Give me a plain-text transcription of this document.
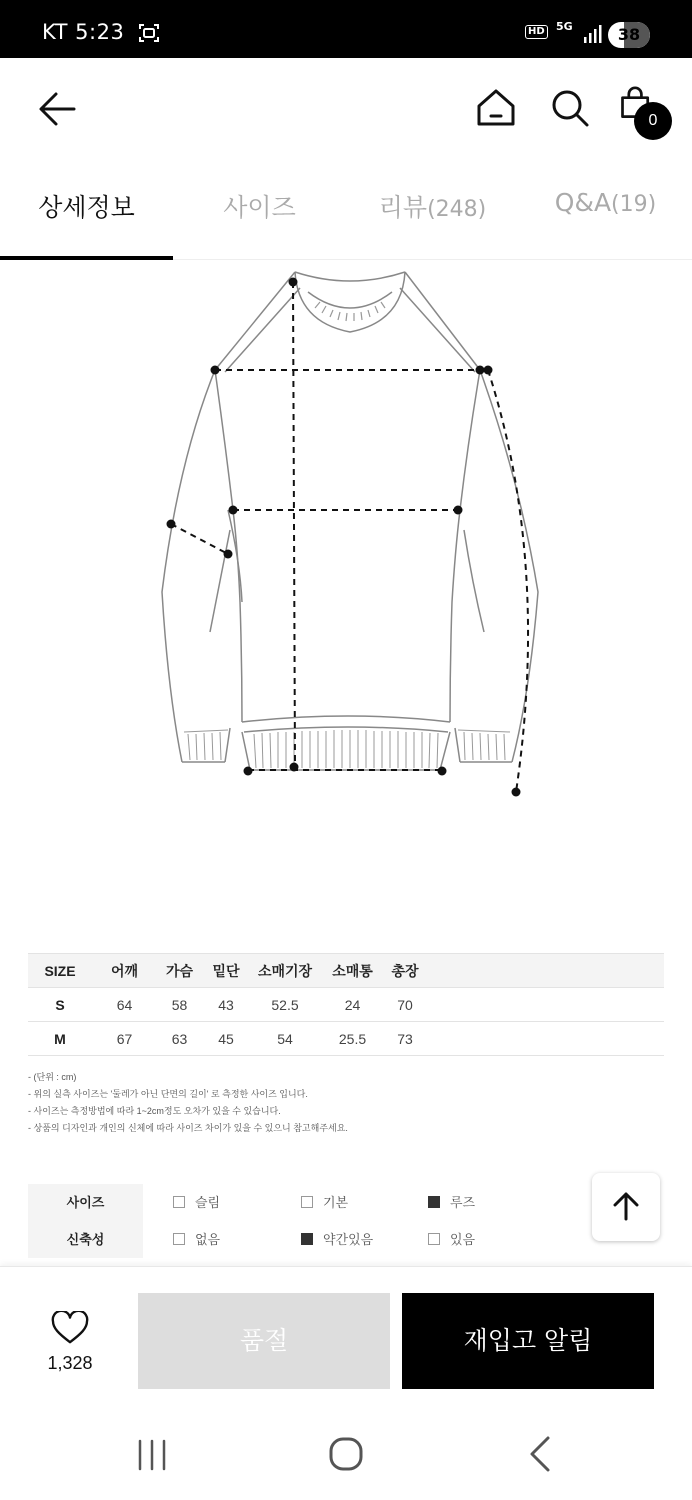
KT 5:23	HD 5G	38
0
상세정보	사이즈	리뷰(248)	Q&A(19)
SIZE	어깨	가슴	밑단	소매기장	소매통	총장	
S	64	58	43	52.5	24	70	
M	67	63	45	54	25.5	73	
- (단위 : cm)
- 위의 실측 사이즈는 '둘레가 아닌 단면의 길이' 로 측정한 사이즈 입니다.
- 사이즈는 측정방법에 따라 1~2cm정도 오차가 있을 수 있습니다.
- 상품의 디자인과 개인의 신체에 따라 사이즈 차이가 있을 수 있으니 참고해주세요.
사이즈	슬림	기본	루즈
신축성	없음	약간있음	있음
1,328
품절	재입고 알림
